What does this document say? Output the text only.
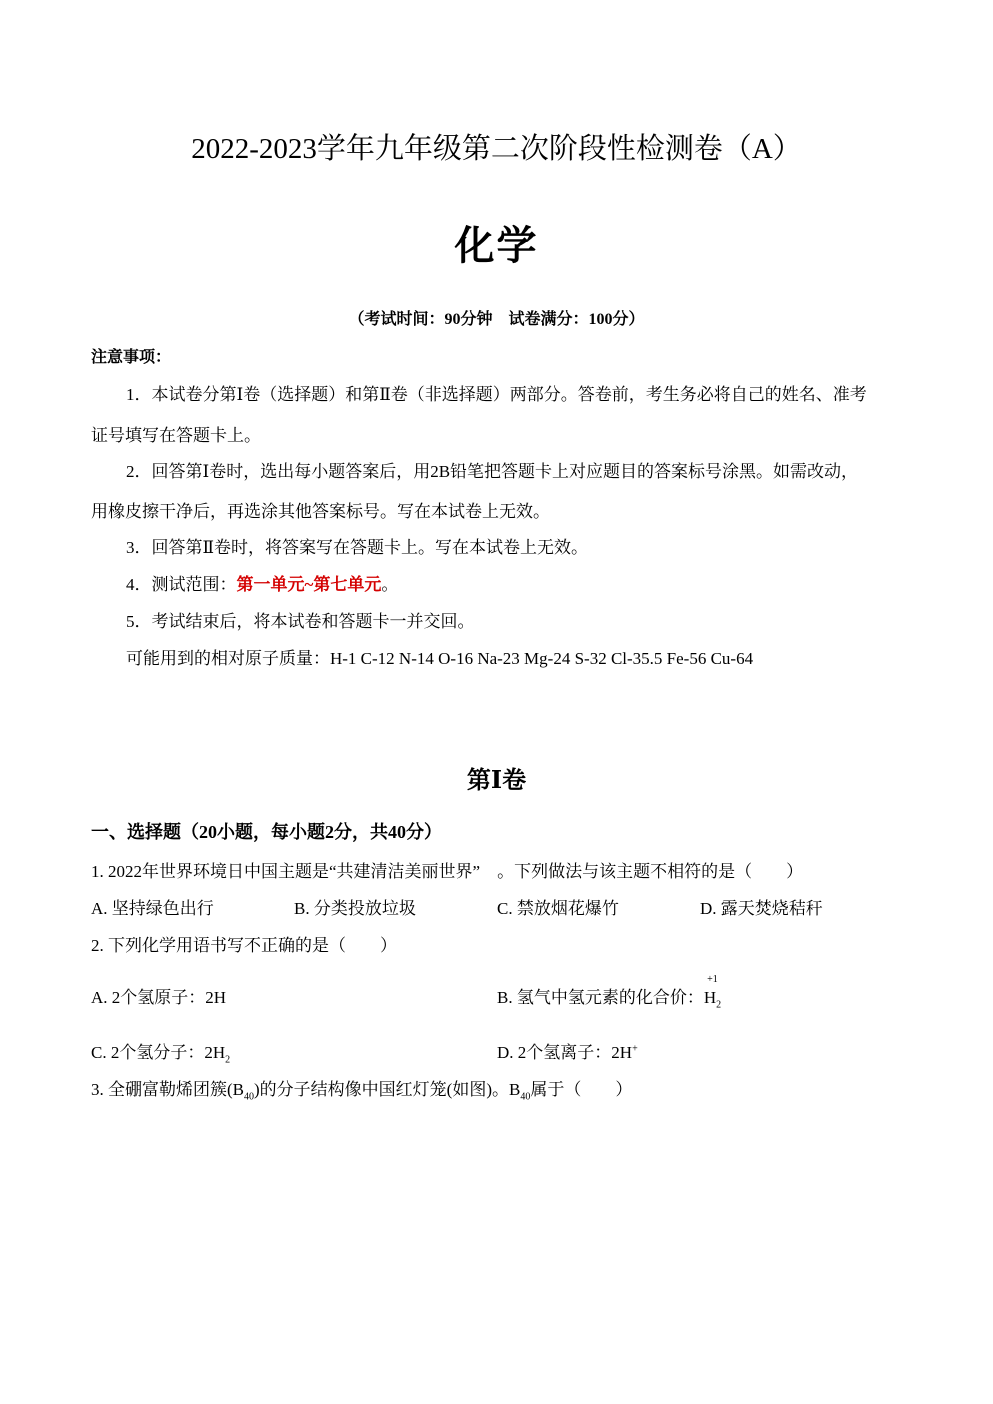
2022-2023学年九年级第二次阶段性检测卷（A）
化学
（考试时间：90分钟　试卷满分：100分）
注意事项：
1．本试卷分第Ⅰ卷（选择题）和第Ⅱ卷（非选择题）两部分。答卷前，考生务必将自己的姓名、准考
证号填写在答题卡上。
2．回答第Ⅰ卷时，选出每小题答案后，用2B铅笔把答题卡上对应题目的答案标号涂黑。如需改动，
用橡皮擦干净后，再选涂其他答案标号。写在本试卷上无效。
3．回答第Ⅱ卷时，将答案写在答题卡上。写在本试卷上无效。
4．测试范围：第一单元~第七单元。
5．考试结束后，将本试卷和答题卡一并交回。
可能用到的相对原子质量：H-1 C-12 N-14 O-16 Na-23 Mg-24 S-32 Cl-35.5 Fe-56 Cu-64
第Ⅰ卷
一、选择题（20小题，每小题2分，共40分）
1. 2022年世界环境日中国主题是“共建清洁美丽世界”　。下列做法与该主题不相符的是（　　）
A. 坚持绿色出行	B. 分类投放垃圾	C. 禁放烟花爆竹	D. 露天焚烧秸秆
2. 下列化学用语书写不正确的是（　　）
A. 2个氢原子：2H	B. 氢气中氢元素的化合价：
+1
$H_2$
C. 2个氢分子：$2H_2$	D. 2个氢离子：2H+
3. 全硼富勒烯团簇$(B_{40})$的分子结构像中国红灯笼(如图)。$B_{40}$属于（　　）
